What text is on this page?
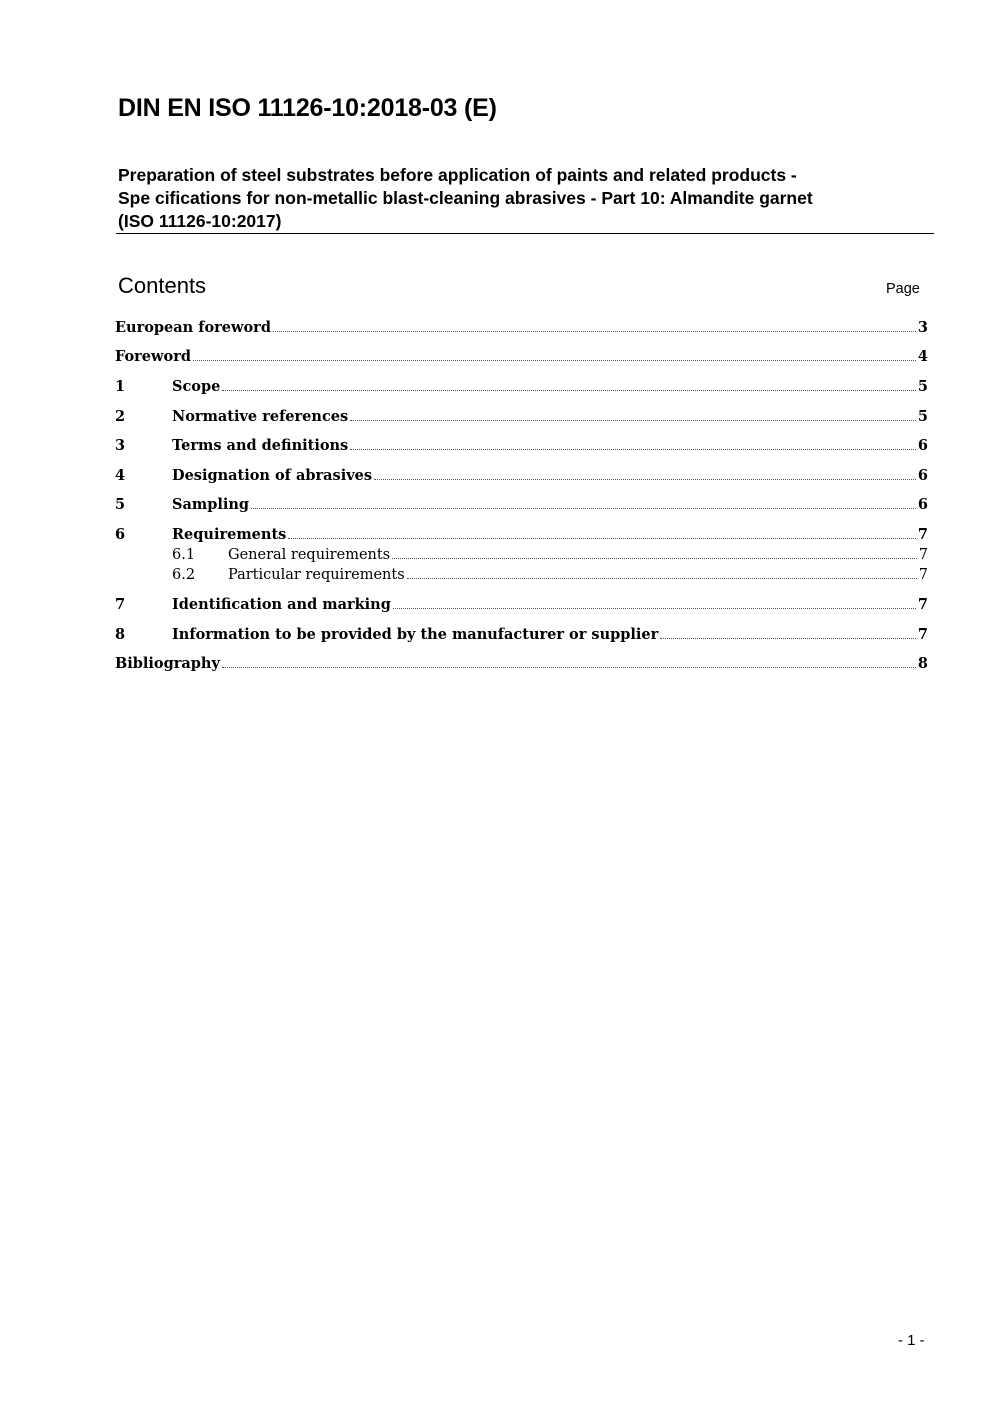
DIN EN ISO 11126-10:2018-03 (E)
Preparation of steel substrates before application of paints and related products -
Spe cifications for non-metallic blast-cleaning abrasives - Part 10: Almandite garnet
(ISO 11126-10:2017)
Contents	Page
European foreword	3
Foreword	4
1	Scope	5
2	Normative references	5
3	Terms and definitions	6
4	Designation of abrasives	6
5	Sampling	6
6	Requirements	7
6.1	General requirements	7
6.2	Particular requirements	7
7	Identification and marking	7
8	Information to be provided by the manufacturer or supplier	7
Bibliography	8
- 1 -
